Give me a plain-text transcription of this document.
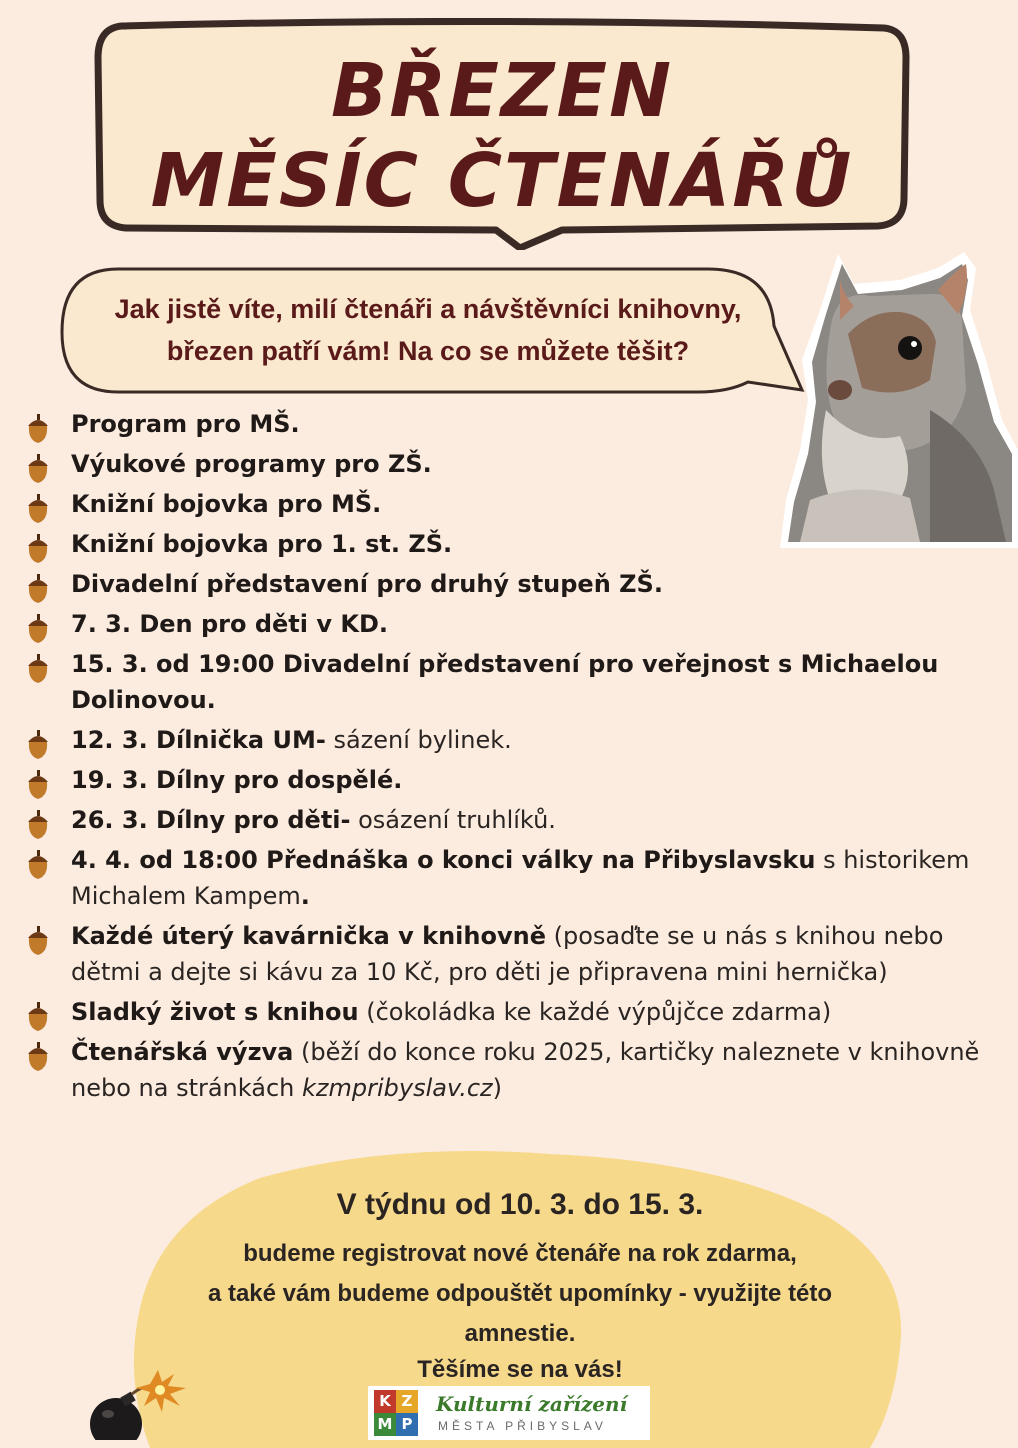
BŘEZEN

MĚSÍC ČTENÁŘŮ

Jak jistě víte, milí čtenáři a návštěvníci knihovny,
březen patří vám! Na co se můžete těšit?
Program pro MŠ.
Výukové programy pro ZŠ.
Knižní bojovka pro MŠ.
Knižní bojovka pro 1. st. ZŠ.
Divadelní představení pro druhý stupeň ZŠ.
7. 3. Den pro děti v KD.
15. 3. od 19:00 Divadelní představení pro veřejnost s Michaelou Dolinovou.
12. 3. Dílnička UM- sázení bylinek.
19. 3. Dílny pro dospělé.
26. 3. Dílny pro děti- osázení truhlíků.
4. 4. od 18:00 Přednáška o konci války na Přibyslavsku s historikem Michalem Kampem.
Každé úterý kavárnička v knihovně (posaďte se u nás s knihou nebo dětmi a dejte si kávu za 10 Kč, pro děti je připravena mini hernička)
Sladký život s knihou (čokoládka ke každé výpůjčce zdarma)
Čtenářská výzva (běží do konce roku 2025, kartičky naleznete v knihovně nebo na stránkách kzmpribyslav.cz)

V týdnu od 10. 3. do 15. 3.

budeme registrovat nové čtenáře na rok zdarma,
a také vám budeme odpouštět upomínky - využijte této
amnestie.

Těšíme se na vás!

K Z
M P
Kulturní zařízení
MĚSTA PŘIBYSLAV
